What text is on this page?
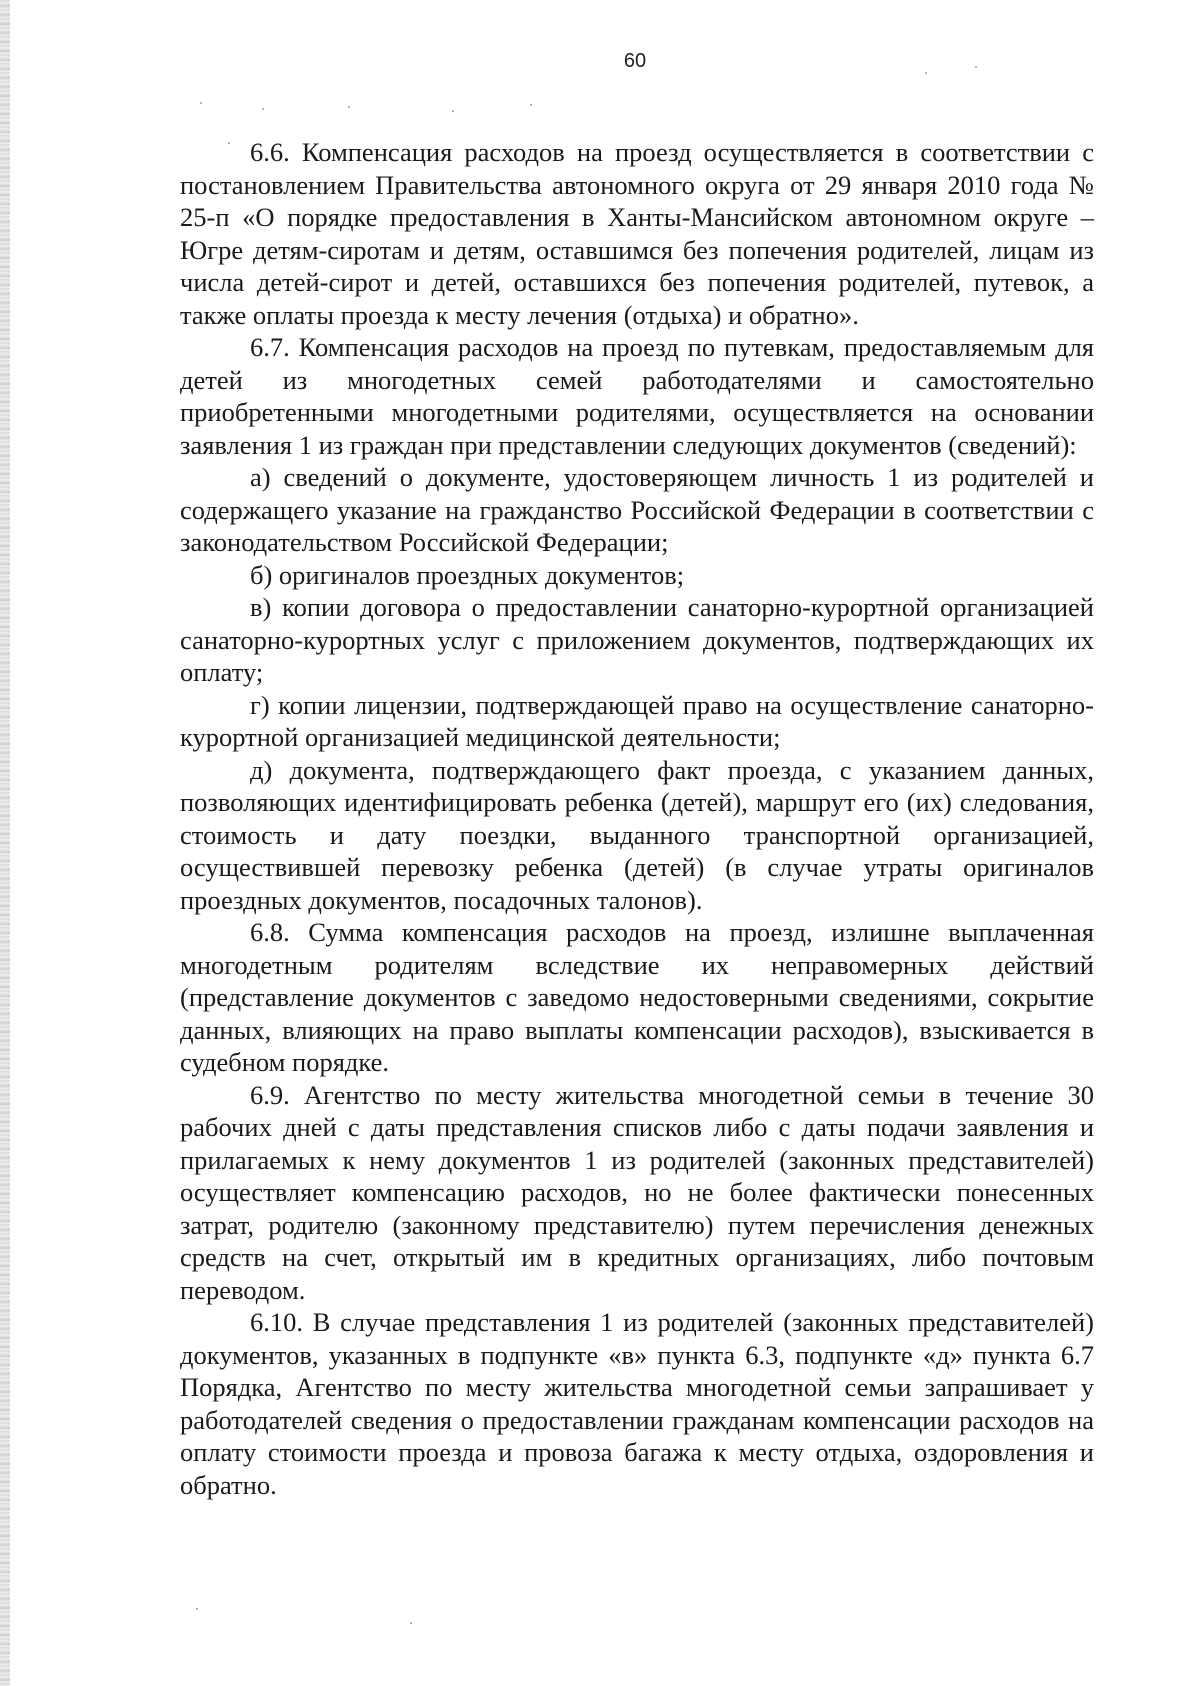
60

6.6. Компенсация расходов на проезд осуществляется в соответствии с постановлением Правительства автономного округа от 29 января 2010 года № 25-п «О порядке предоставления в Ханты-Мансийском автономном округе – Югре детям-сиротам и детям, оставшимся без попечения родителей, лицам из числа детей-сирот и детей, оставшихся без попечения родителей, путевок, а также оплаты проезда к месту лечения (отдыха) и обратно».

6.7. Компенсация расходов на проезд по путевкам, предоставляемым для детей из многодетных семей работодателями и самостоятельно приобретенными многодетными родителями, осуществляется на основании заявления 1 из граждан при представлении следующих документов (сведений):

а) сведений о документе, удостоверяющем личность 1 из родителей и содержащего указание на гражданство Российской Федерации в соответствии с законодательством Российской Федерации;

б) оригиналов проездных документов;

в) копии договора о предоставлении санаторно-курортной организацией санаторно-курортных услуг с приложением документов, подтверждающих их оплату;

г) копии лицензии, подтверждающей право на осуществление санаторно-курортной организацией медицинской деятельности;

д) документа, подтверждающего факт проезда, с указанием данных, позволяющих идентифицировать ребенка (детей), маршрут его (их) следования, стоимость и дату поездки, выданного транспортной организацией, осуществившей перевозку ребенка (детей) (в случае утраты оригиналов проездных документов, посадочных талонов).

6.8. Сумма компенсация расходов на проезд, излишне выплаченная многодетным родителям вследствие их неправомерных действий (представление документов с заведомо недостоверными сведениями, сокрытие данных, влияющих на право выплаты компенсации расходов), взыскивается в судебном порядке.

6.9. Агентство по месту жительства многодетной семьи в течение 30 рабочих дней с даты представления списков либо с даты подачи заявления и прилагаемых к нему документов 1 из родителей (законных представителей) осуществляет компенсацию расходов, но не более фактически понесенных затрат, родителю (законному представителю) путем перечисления денежных средств на счет, открытый им в кредитных организациях, либо почтовым переводом.

6.10. В случае представления 1 из родителей (законных представителей) документов, указанных в подпункте «в» пункта 6.3, подпункте «д» пункта 6.7 Порядка, Агентство по месту жительства многодетной семьи запрашивает у работодателей сведения о предоставлении гражданам компенсации расходов на оплату стоимости проезда и провоза багажа к месту отдыха, оздоровления и обратно.
